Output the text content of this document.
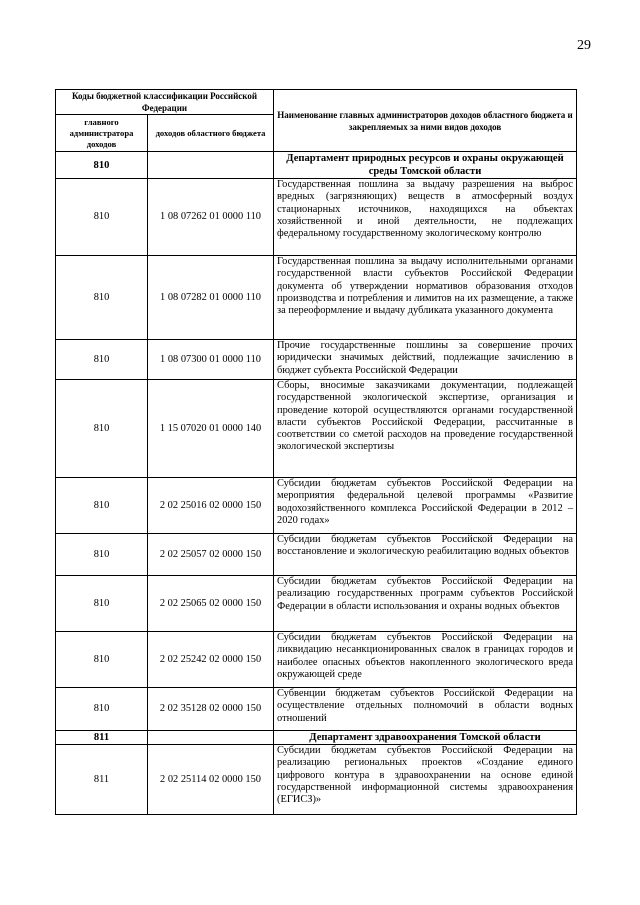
29
Коды бюджетной классификации Российской Федерации		Наименование главных администраторов доходов областного бюджета и закрепляемых за ними видов доходов
главного администратора доходов	доходов областного бюджета	
810		Департамент природных ресурсов и охраны окружающей среды Томской области
810	1 08 07262 01 0000 110	Государственная пошлина за выдачу разрешения на выброс вредных (загрязняющих) веществ в атмосферный воздух стационарных источников, находящихся на объектах хозяйственной и иной деятельности, не подлежащих федеральному государственному экологическому контролю
810	1 08 07282 01 0000 110	Государственная пошлина за выдачу исполнительными органами государственной власти субъектов Российской Федерации документа об утверждении нормативов образования отходов производства и потребления и лимитов на их размещение, а также за переоформление и выдачу дубликата указанного документа
810	1 08 07300 01 0000 110	Прочие государственные пошлины за совершение прочих юридически значимых действий, подлежащие зачислению в бюджет субъекта Российской Федерации
810	1 15 07020 01 0000 140	Сборы, вносимые заказчиками документации, подлежащей государственной экологической экспертизе, организация и проведение которой осуществляются органами государственной власти субъектов Российской Федерации, рассчитанные в соответствии со сметой расходов на проведение государственной экологической экспертизы
810	2 02 25016 02 0000 150	Субсидии бюджетам субъектов Российской Федерации на мероприятия федеральной целевой программы «Развитие водохозяйственного комплекса Российской Федерации в 2012 – 2020 годах»
810	2 02 25057 02 0000 150	Субсидии бюджетам субъектов Российской Федерации на восстановление и экологическую реабилитацию водных объектов
810	2 02 25065 02 0000 150	Субсидии бюджетам субъектов Российской Федерации на реализацию государственных программ субъектов Российской Федерации в области использования и охраны водных объектов
810	2 02 25242 02 0000 150	Субсидии бюджетам субъектов Российской Федерации на ликвидацию несанкционированных свалок в границах городов и наиболее опасных объектов накопленного экологического вреда окружающей среде
810	2 02 35128 02 0000 150	Субвенции бюджетам субъектов Российской Федерации на осуществление отдельных полномочий в области водных отношений
811		Департамент здравоохранения Томской области
811	2 02 25114 02 0000 150	Субсидии бюджетам субъектов Российской Федерации на реализацию региональных проектов «Создание единого цифрового контура в здравоохранении на основе единой государственной информационной системы здравоохранения (ЕГИСЗ)»
